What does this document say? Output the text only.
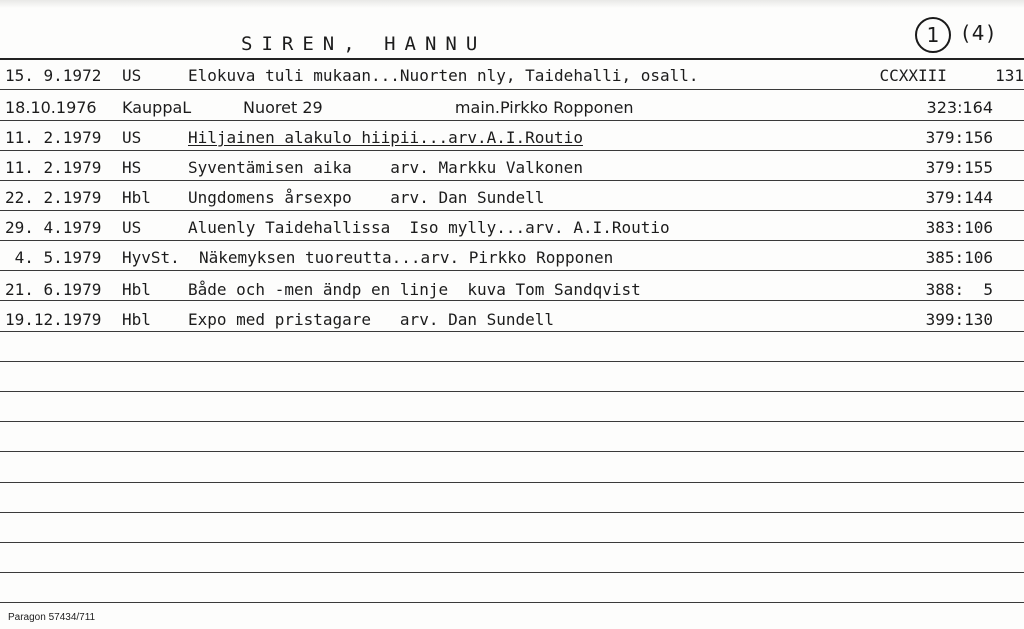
SIREN, HANNU	1	(4)
15. 9.1972 US	Elokuva tuli mukaan...Nuorten nly, Taidehalli, osall.	CCXXIII     131
18.10.1976 KauppaL	Nuoret 29                          main.Pirkko Ropponen	323:164
11. 2.1979 US	Hiljainen alakulo hiipii...arv.A.I.Routio	379:156
11. 2.1979 HS	Syventämisen aika    arv. Markku Valkonen	379:155
22. 2.1979 Hbl Ungdomens årsexpo    arv. Dan Sundell	379:144
29. 4.1979 US	Aluenly Taidehallissa  Iso mylly...arv. A.I.Routio	383:106
4. 5.1979 HyvSt. Näkemyksen tuoreutta...arv. Pirkko Ropponen	385:106
21. 6.1979 Hbl Både och -men ändp en linje  kuva Tom Sandqvist	388:  5
19.12.1979 Hbl Expo med pristagare   arv. Dan Sundell	399:130
Paragon 57434/711
